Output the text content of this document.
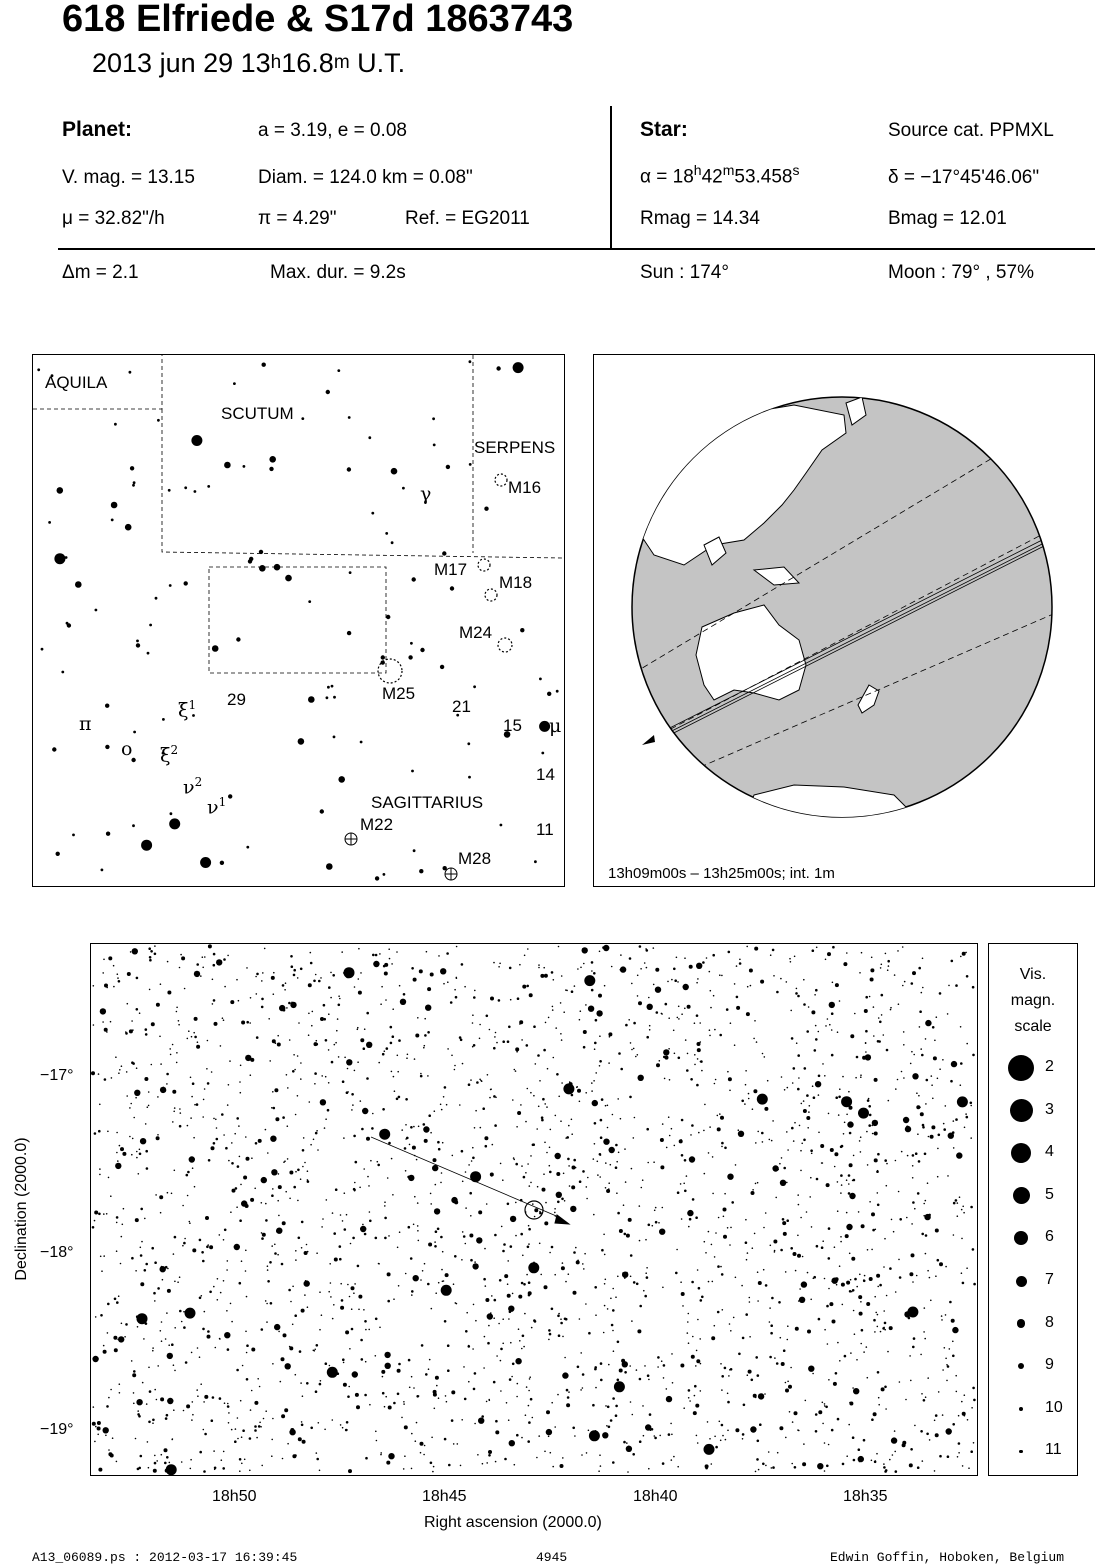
618 Elfriede & S17d 1863743
2013 jun 29 13$^h$16.8$^m$ U.T.
Planet:	a = 3.19, e = 0.08
V. mag. = 13.15	Diam. = 124.0 km = 0.08"
μ = 32.82"/h	π = 4.29"	Ref. = EG2011
Star:	Source cat. PPMXL
$\alpha = 18^h42^m53.458^s$	δ = −17°45'46.06"
Rmag = 14.34	Bmag = 12.01
Δm = 2.1	Max. dur. = 9.2s	Sun : 174°	Moon : 79° , 57%
AQUILA
SCUTUM
SERPENS
SAGITTARIUS
M16
M17
M18
M24
M25
M22
M28
29	21
15
14
11
γ
π
o
$\xi^1$
$\xi^2$
$\nu^2$
$\nu^1$
μ
13h09m00s – 13h25m00s; int. 1m
Declination (2000.0)
−17°
−18°
−19°
18h50	18h45	18h40	18h35
Right ascension (2000.0)
Vis.
magn.
scale
2
3
4
5
6
7
8
9
10
11
A13_06089.ps : 2012-03-17 16:39:45	4945	Edwin Goffin, Hoboken, Belgium
